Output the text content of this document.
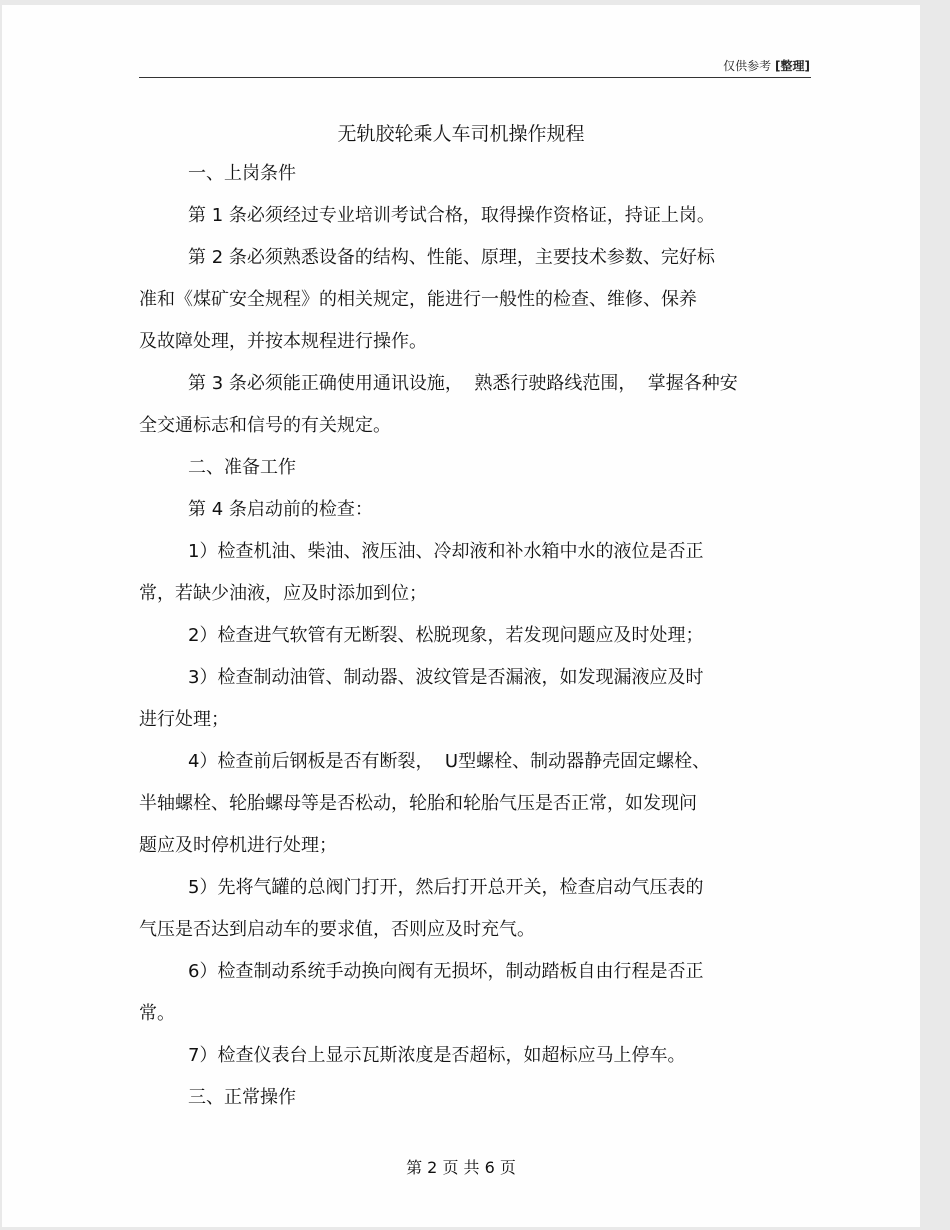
仅供参考 [整理]
无轨胶轮乘人车司机操作规程
一、上岗条件
第 1 条必须经过专业培训考试合格，取得操作资格证，持证上岗。
第 2 条必须熟悉设备的结构、性能、原理，主要技术参数、完好标
准和《煤矿安全规程》的相关规定，能进行一般性的检查、维修、保养
及故障处理，并按本规程进行操作。
第 3 条必须能正确使用通讯设施，  熟悉行驶路线范围，  掌握各种安
全交通标志和信号的有关规定。
二、准备工作
第 4 条启动前的检查：
1）检查机油、柴油、液压油、冷却液和补水箱中水的液位是否正
常，若缺少油液，应及时添加到位；
2）检查进气软管有无断裂、松脱现象，若发现问题应及时处理；
3）检查制动油管、制动器、波纹管是否漏液，如发现漏液应及时
进行处理；
4）检查前后钢板是否有断裂，  U型螺栓、制动器静壳固定螺栓、
半轴螺栓、轮胎螺母等是否松动，轮胎和轮胎气压是否正常，如发现问
题应及时停机进行处理；
5）先将气罐的总阀门打开，然后打开总开关，检查启动气压表的
气压是否达到启动车的要求值，否则应及时充气。
6）检查制动系统手动换向阀有无损坏，制动踏板自由行程是否正
常。
7）检查仪表台上显示瓦斯浓度是否超标，如超标应马上停车。
三、正常操作
第 2 页 共 6 页
